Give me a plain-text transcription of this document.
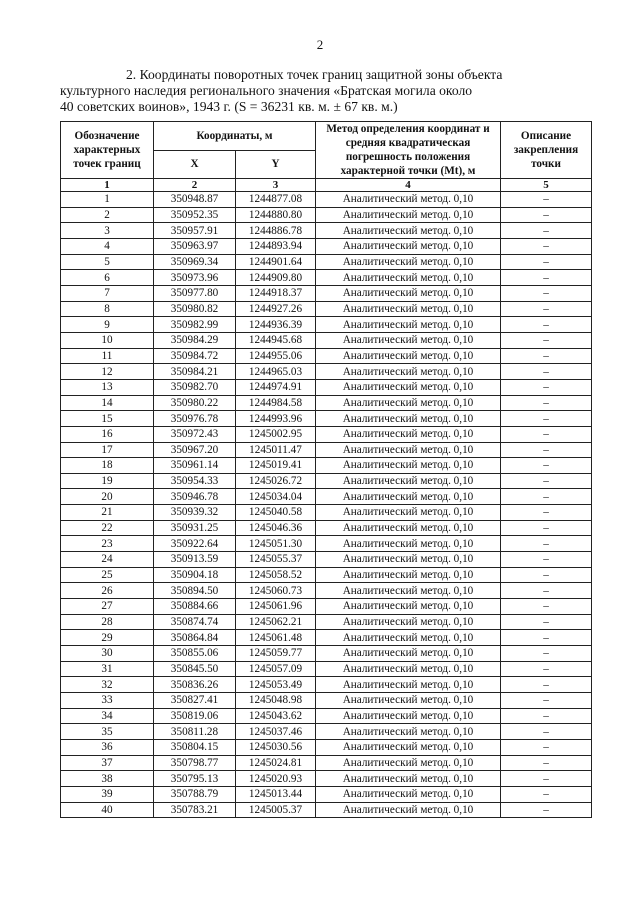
2
2. Координаты поворотных точек границ защитной зоны объекта
культурного наследия регионального значения «Братская могила около
40 советских воинов», 1943 г. (S = 36231 кв. м. ± 67 кв. м.)
Обозначение характерных точек границ	Координаты, м		Метод определения координат и средняя квадратическая погрешность положения характерной точки (Mt), м	Описание закрепления точки
	X	Y		
1	2	3	4	5
1	350948.87	1244877.08	Аналитический метод. 0,10	–
2	350952.35	1244880.80	Аналитический метод. 0,10	–
3	350957.91	1244886.78	Аналитический метод. 0,10	–
4	350963.97	1244893.94	Аналитический метод. 0,10	–
5	350969.34	1244901.64	Аналитический метод. 0,10	–
6	350973.96	1244909.80	Аналитический метод. 0,10	–
7	350977.80	1244918.37	Аналитический метод. 0,10	–
8	350980.82	1244927.26	Аналитический метод. 0,10	–
9	350982.99	1244936.39	Аналитический метод. 0,10	–
10	350984.29	1244945.68	Аналитический метод. 0,10	–
11	350984.72	1244955.06	Аналитический метод. 0,10	–
12	350984.21	1244965.03	Аналитический метод. 0,10	–
13	350982.70	1244974.91	Аналитический метод. 0,10	–
14	350980.22	1244984.58	Аналитический метод. 0,10	–
15	350976.78	1244993.96	Аналитический метод. 0,10	–
16	350972.43	1245002.95	Аналитический метод. 0,10	–
17	350967.20	1245011.47	Аналитический метод. 0,10	–
18	350961.14	1245019.41	Аналитический метод. 0,10	–
19	350954.33	1245026.72	Аналитический метод. 0,10	–
20	350946.78	1245034.04	Аналитический метод. 0,10	–
21	350939.32	1245040.58	Аналитический метод. 0,10	–
22	350931.25	1245046.36	Аналитический метод. 0,10	–
23	350922.64	1245051.30	Аналитический метод. 0,10	–
24	350913.59	1245055.37	Аналитический метод. 0,10	–
25	350904.18	1245058.52	Аналитический метод. 0,10	–
26	350894.50	1245060.73	Аналитический метод. 0,10	–
27	350884.66	1245061.96	Аналитический метод. 0,10	–
28	350874.74	1245062.21	Аналитический метод. 0,10	–
29	350864.84	1245061.48	Аналитический метод. 0,10	–
30	350855.06	1245059.77	Аналитический метод. 0,10	–
31	350845.50	1245057.09	Аналитический метод. 0,10	–
32	350836.26	1245053.49	Аналитический метод. 0,10	–
33	350827.41	1245048.98	Аналитический метод. 0,10	–
34	350819.06	1245043.62	Аналитический метод. 0,10	–
35	350811.28	1245037.46	Аналитический метод. 0,10	–
36	350804.15	1245030.56	Аналитический метод. 0,10	–
37	350798.77	1245024.81	Аналитический метод. 0,10	–
38	350795.13	1245020.93	Аналитический метод. 0,10	–
39	350788.79	1245013.44	Аналитический метод. 0,10	–
40	350783.21	1245005.37	Аналитический метод. 0,10	–
